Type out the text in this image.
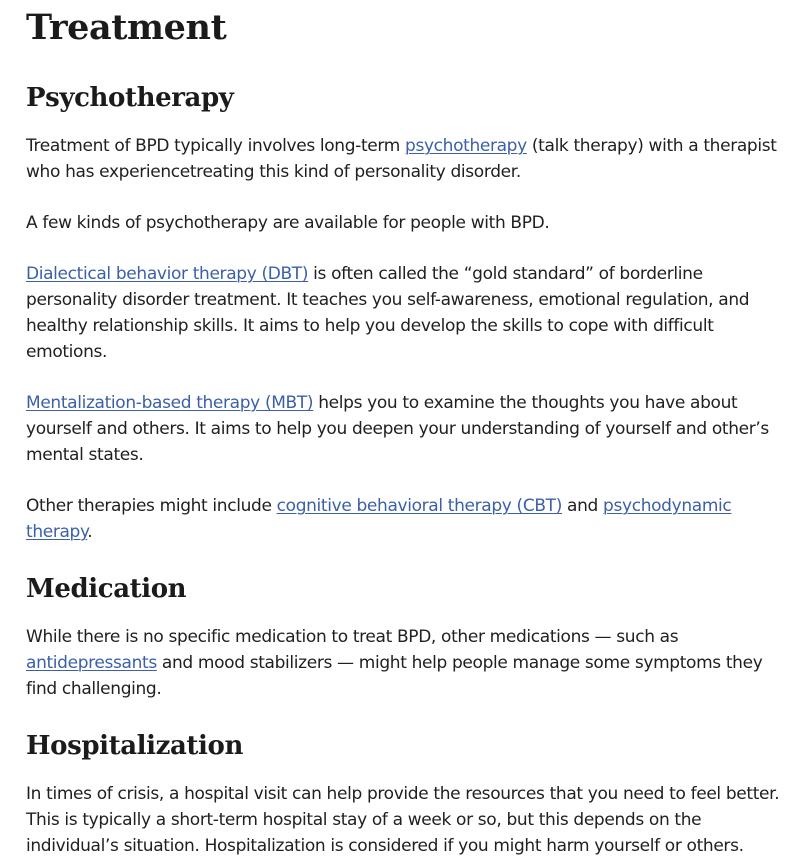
Treatment
Psychotherapy

Treatment of BPD typically involves long-term psychotherapy (talk therapy) with a therapist who has experiencetreating this kind of personality disorder.

A few kinds of psychotherapy are available for people with BPD.

Dialectical behavior therapy (DBT) is often called the “gold standard” of borderline personality disorder treatment. It teaches you self-awareness, emotional regulation, and healthy relationship skills. It aims to help you develop the skills to cope with difficult emotions.

Mentalization-based therapy (MBT) helps you to examine the thoughts you have about yourself and others. It aims to help you deepen your understanding of yourself and other’s mental states.

Other therapies might include cognitive behavioral therapy (CBT) and psychodynamic therapy.

Medication

While there is no specific medication to treat BPD, other medications — such as antidepressants and mood stabilizers — might help people manage some symptoms they find challenging.

Hospitalization

In times of crisis, a hospital visit can help provide the resources that you need to feel better. This is typically a short-term hospital stay of a week or so, but this depends on the individual’s situation. Hospitalization is considered if you might harm yourself or others.
